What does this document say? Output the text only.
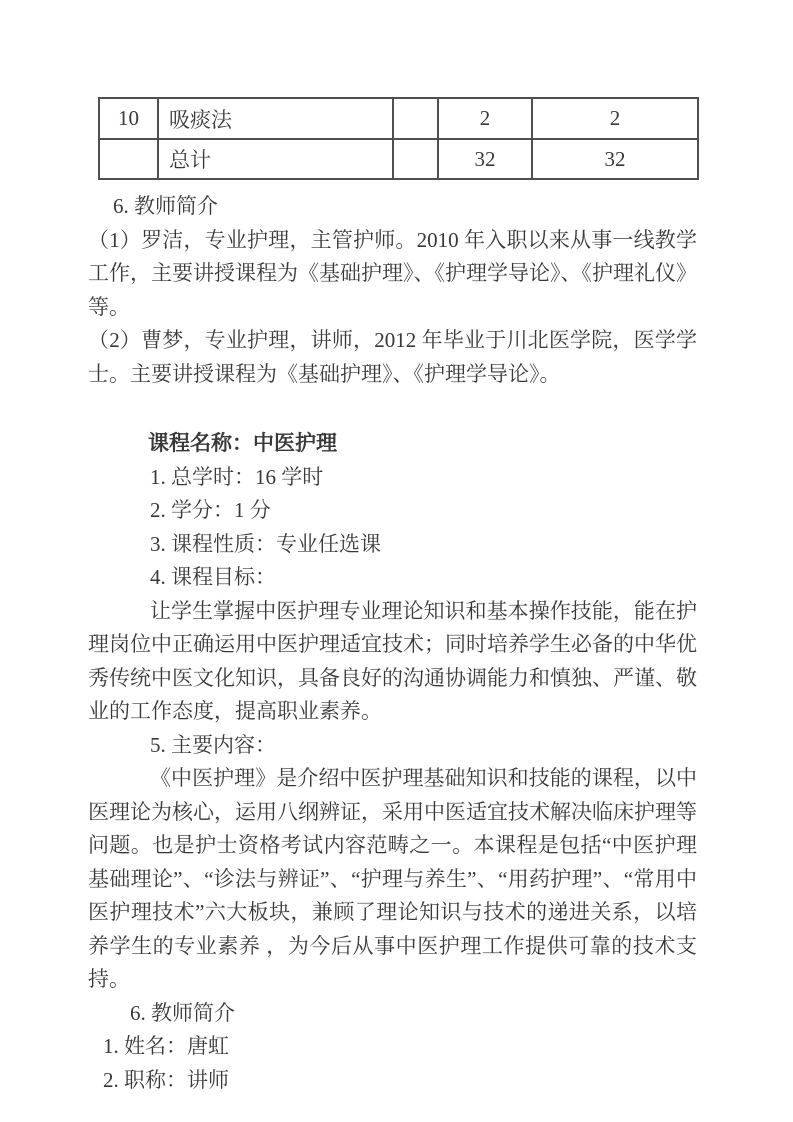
10	吸痰法		2	2
	总计		32	32

6. 教师简介

（1）罗洁，专业护理，主管护师。2010 年入职以来从事一线教学工作，主要讲授课程为《基础护理》、《护理学导论》、《护理礼仪》等。

（2）曹梦，专业护理，讲师，2012 年毕业于川北医学院，医学学士。主要讲授课程为《基础护理》、《护理学导论》。

课程名称：中医护理

1. 总学时：16 学时

2. 学分：1 分

3. 课程性质：专业任选课

4. 课程目标：

让学生掌握中医护理专业理论知识和基本操作技能，能在护理岗位中正确运用中医护理适宜技术；同时培养学生必备的中华优秀传统中医文化知识，具备良好的沟通协调能力和慎独、严谨、敬业的工作态度，提高职业素养。

5. 主要内容：

《中医护理》是介绍中医护理基础知识和技能的课程，以中医理论为核心，运用八纲辨证，采用中医适宜技术解决临床护理等问题。也是护士资格考试内容范畴之一。本课程是包括“中医护理基础理论”、“诊法与辨证”、“护理与养生”、“用药护理”、“常用中医护理技术”六大板块，兼顾了理论知识与技术的递进关系，以培养学生的专业素养 ，为今后从事中医护理工作提供可靠的技术支持。

6. 教师简介

1. 姓名：唐虹

2. 职称：讲师
